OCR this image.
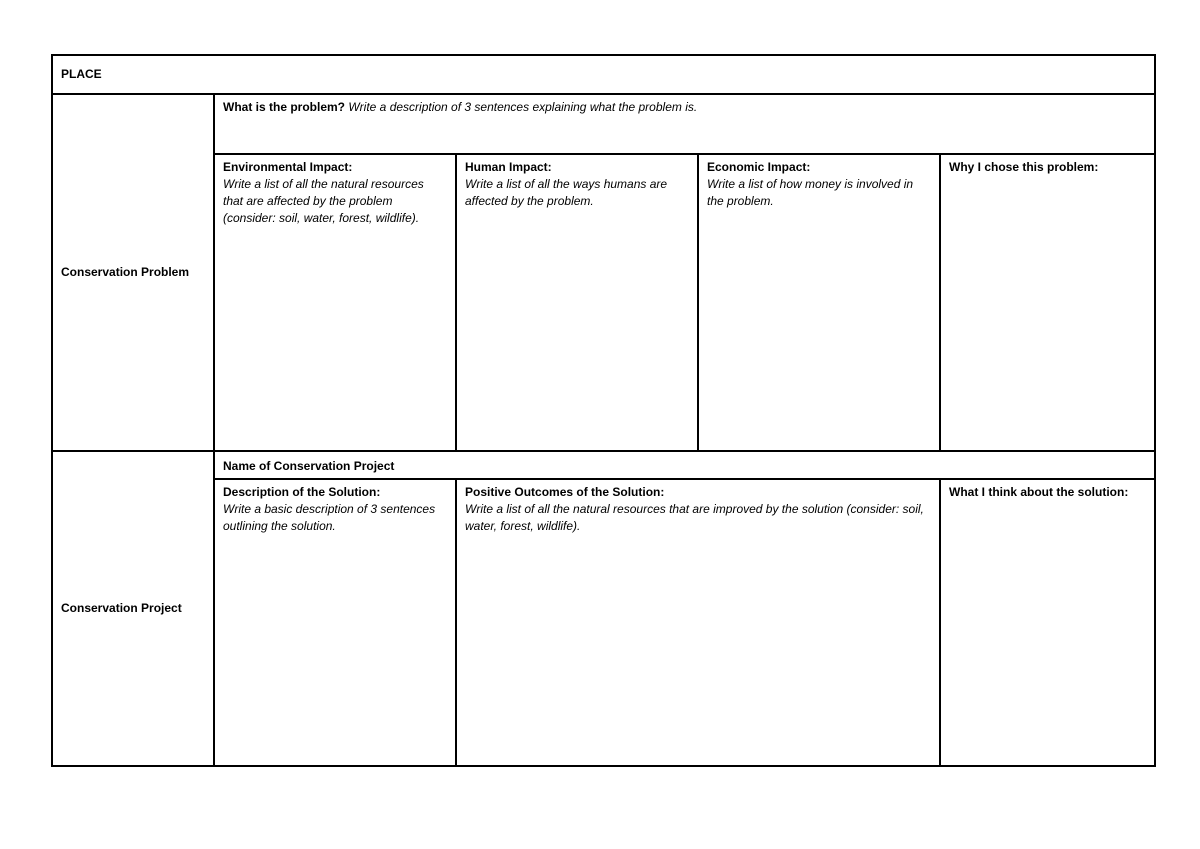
PLACE
Conservation Problem
What is the problem? Write a description of 3 sentences explaining what the problem is.
Environmental Impact:
Write a list of all the natural resources that are affected by the problem (consider: soil, water, forest, wildlife).
Human Impact:
Write a list of all the ways humans are affected by the problem.
Economic Impact:
Write a list of how money is involved in the problem.
Why I chose this problem:
Conservation Project
Name of Conservation Project
Description of the Solution:
Write a basic description of 3 sentences outlining the solution.
Positive Outcomes of the Solution:
Write a list of all the natural resources that are improved by the solution (consider: soil, water, forest, wildlife).
What I think about the solution:
